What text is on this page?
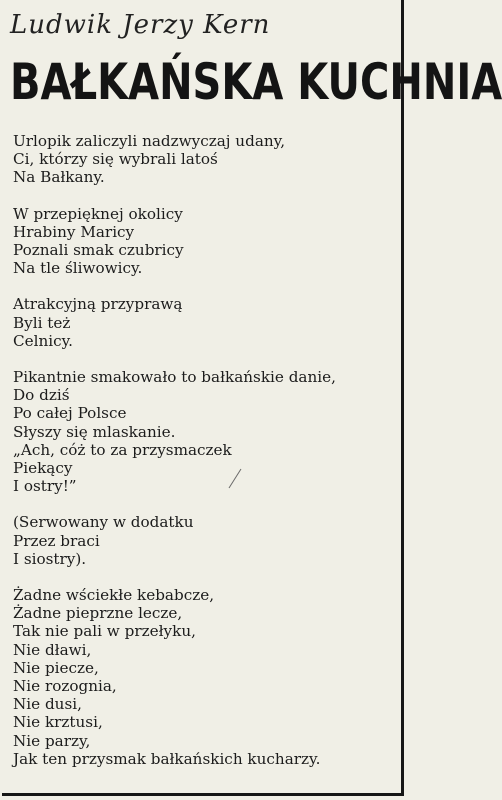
Ludwik Jerzy Kern
BAŁKAŃSKA KUCHNIA
Urlopik zaliczyli nadzwyczaj udany,
Ci, którzy się wybrali latoś
Na Bałkany.
W przepięknej okolicy
Hrabiny Maricy
Poznali smak czubricy
Na tle śliwowicy.
Atrakcyjną przyprawą
Byli też
Celnicy.
Pikantnie smakowało to bałkańskie danie,
Do dziś
Po całej Polsce
Słyszy się mlaskanie.
„Ach, cóż to za przysmaczek
Piekący
I ostry!”
(Serwowany w dodatku
Przez braci
I siostry).
Żadne wściekłe kebabcze,
Żadne pieprzne lecze,
Tak nie pali w przełyku,
Nie dławi,
Nie piecze,
Nie rozognia,
Nie dusi,
Nie krztusi,
Nie parzy,
Jak ten przysmak bałkańskich kucharzy.
